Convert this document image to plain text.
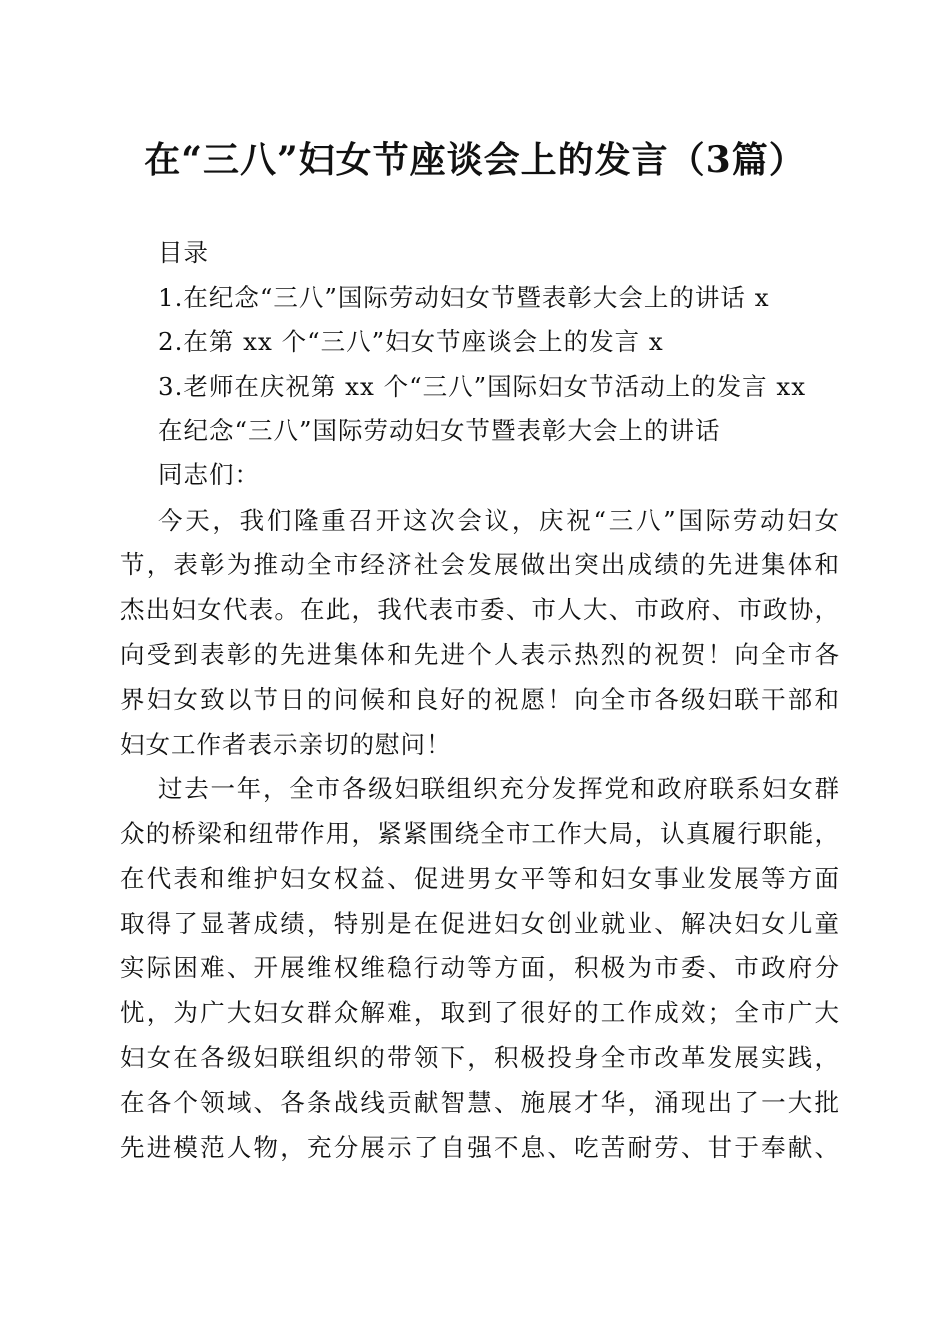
在“三八”妇女节座谈会上的发言（3篇）
目录
1.在纪念“三八”国际劳动妇女节暨表彰大会上的讲话 x
2.在第 xx 个“三八”妇女节座谈会上的发言 x
3.老师在庆祝第 xx 个“三八”国际妇女节活动上的发言 xx
在纪念“三八”国际劳动妇女节暨表彰大会上的讲话
同志们：
今天，我们隆重召开这次会议，庆祝“三八”国际劳动妇女
节，表彰为推动全市经济社会发展做出突出成绩的先进集体和
杰出妇女代表。在此，我代表市委、市人大、市政府、市政协，
向受到表彰的先进集体和先进个人表示热烈的祝贺！向全市各
界妇女致以节日的问候和良好的祝愿！向全市各级妇联干部和
妇女工作者表示亲切的慰问！
过去一年，全市各级妇联组织充分发挥党和政府联系妇女群
众的桥梁和纽带作用，紧紧围绕全市工作大局，认真履行职能，
在代表和维护妇女权益、促进男女平等和妇女事业发展等方面
取得了显著成绩，特别是在促进妇女创业就业、解决妇女儿童
实际困难、开展维权维稳行动等方面，积极为市委、市政府分
忧，为广大妇女群众解难，取到了很好的工作成效；全市广大
妇女在各级妇联组织的带领下，积极投身全市改革发展实践，
在各个领域、各条战线贡献智慧、施展才华，涌现出了一大批
先进模范人物，充分展示了自强不息、吃苦耐劳、甘于奉献、
